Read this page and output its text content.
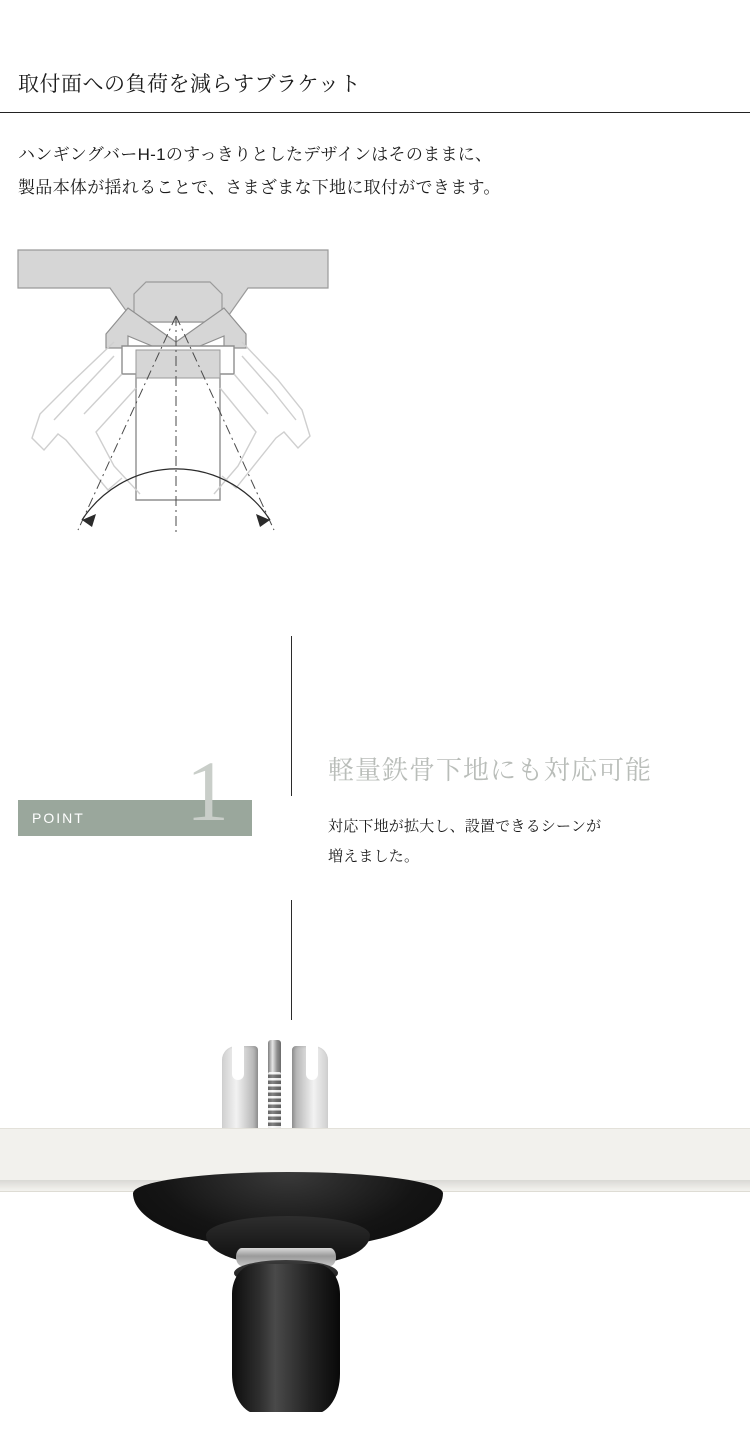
取付面への負荷を減らすブラケット
ハンギングバーH‑1のすっきりとしたデザインはそのままに、
製品本体が揺れることで、さまざまな下地に取付ができます。
POINT 1	軽量鉄骨下地にも対応可能
対応下地が拡大し、設置できるシーンが
増えました。
